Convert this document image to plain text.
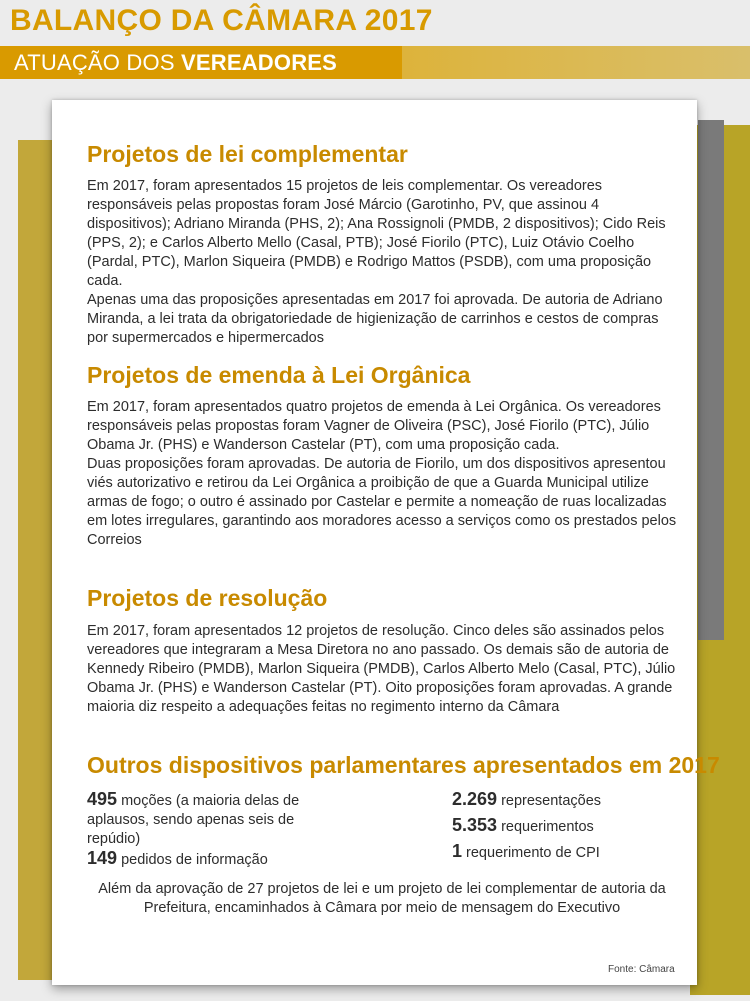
BALANÇO DA CÂMARA 2017
ATUAÇÃO DOS VEREADORES
Projetos de lei complementar

Em 2017, foram apresentados 15 projetos de leis complementar. Os vereadores responsáveis pelas propostas foram José Márcio (Garotinho, PV, que assinou 4 dispositivos); Adriano Miranda (PHS, 2); Ana Rossignoli (PMDB, 2 dispositivos); Cido Reis (PPS, 2); e Carlos Alberto Mello (Casal, PTB); José Fiorilo (PTC), Luiz Otávio Coelho (Pardal, PTC), Marlon Siqueira (PMDB) e Rodrigo Mattos (PSDB), com uma proposição cada.

Apenas uma das proposições apresentadas em 2017 foi aprovada. De autoria de Adriano Miranda, a lei trata da obrigatoriedade de higienização de carrinhos e cestos de compras por supermercados e hipermercados

Projetos de emenda à Lei Orgânica

Em 2017, foram apresentados quatro projetos de emenda à Lei Orgânica. Os vereadores responsáveis pelas propostas foram Vagner de Oliveira (PSC), José Fiorilo (PTC), Júlio Obama Jr. (PHS) e Wanderson Castelar (PT), com uma proposição cada.

Duas proposições foram aprovadas. De autoria de Fiorilo, um dos dispositivos apresentou viés autorizativo e retirou da Lei Orgânica a proibição de que a Guarda Municipal utilize armas de fogo; o outro é assinado por Castelar e permite a nomeação de ruas localizadas em lotes irregulares, garantindo aos moradores acesso a serviços como os prestados pelos Correios

Projetos de resolução

Em 2017, foram apresentados 12 projetos de resolução. Cinco deles são assinados pelos vereadores que integraram a Mesa Diretora no ano passado. Os demais são de autoria de Kennedy Ribeiro (PMDB), Marlon Siqueira (PMDB), Carlos Alberto Melo (Casal, PTC), Júlio Obama Jr. (PHS) e Wanderson Castelar (PT). Oito proposições foram aprovadas. A grande maioria diz respeito a adequações feitas no regimento interno da Câmara

Outros dispositivos parlamentares apresentados em 2017
495 moções (a maioria delas de aplausos, sendo apenas seis de repúdio)
149 pedidos de informação
2.269 representações
5.353 requerimentos
1 requerimento de CPI
Além da aprovação de 27 projetos de lei e um projeto de lei complementar de autoria da Prefeitura, encaminhados à Câmara por meio de mensagem do Executivo
Fonte: Câmara
